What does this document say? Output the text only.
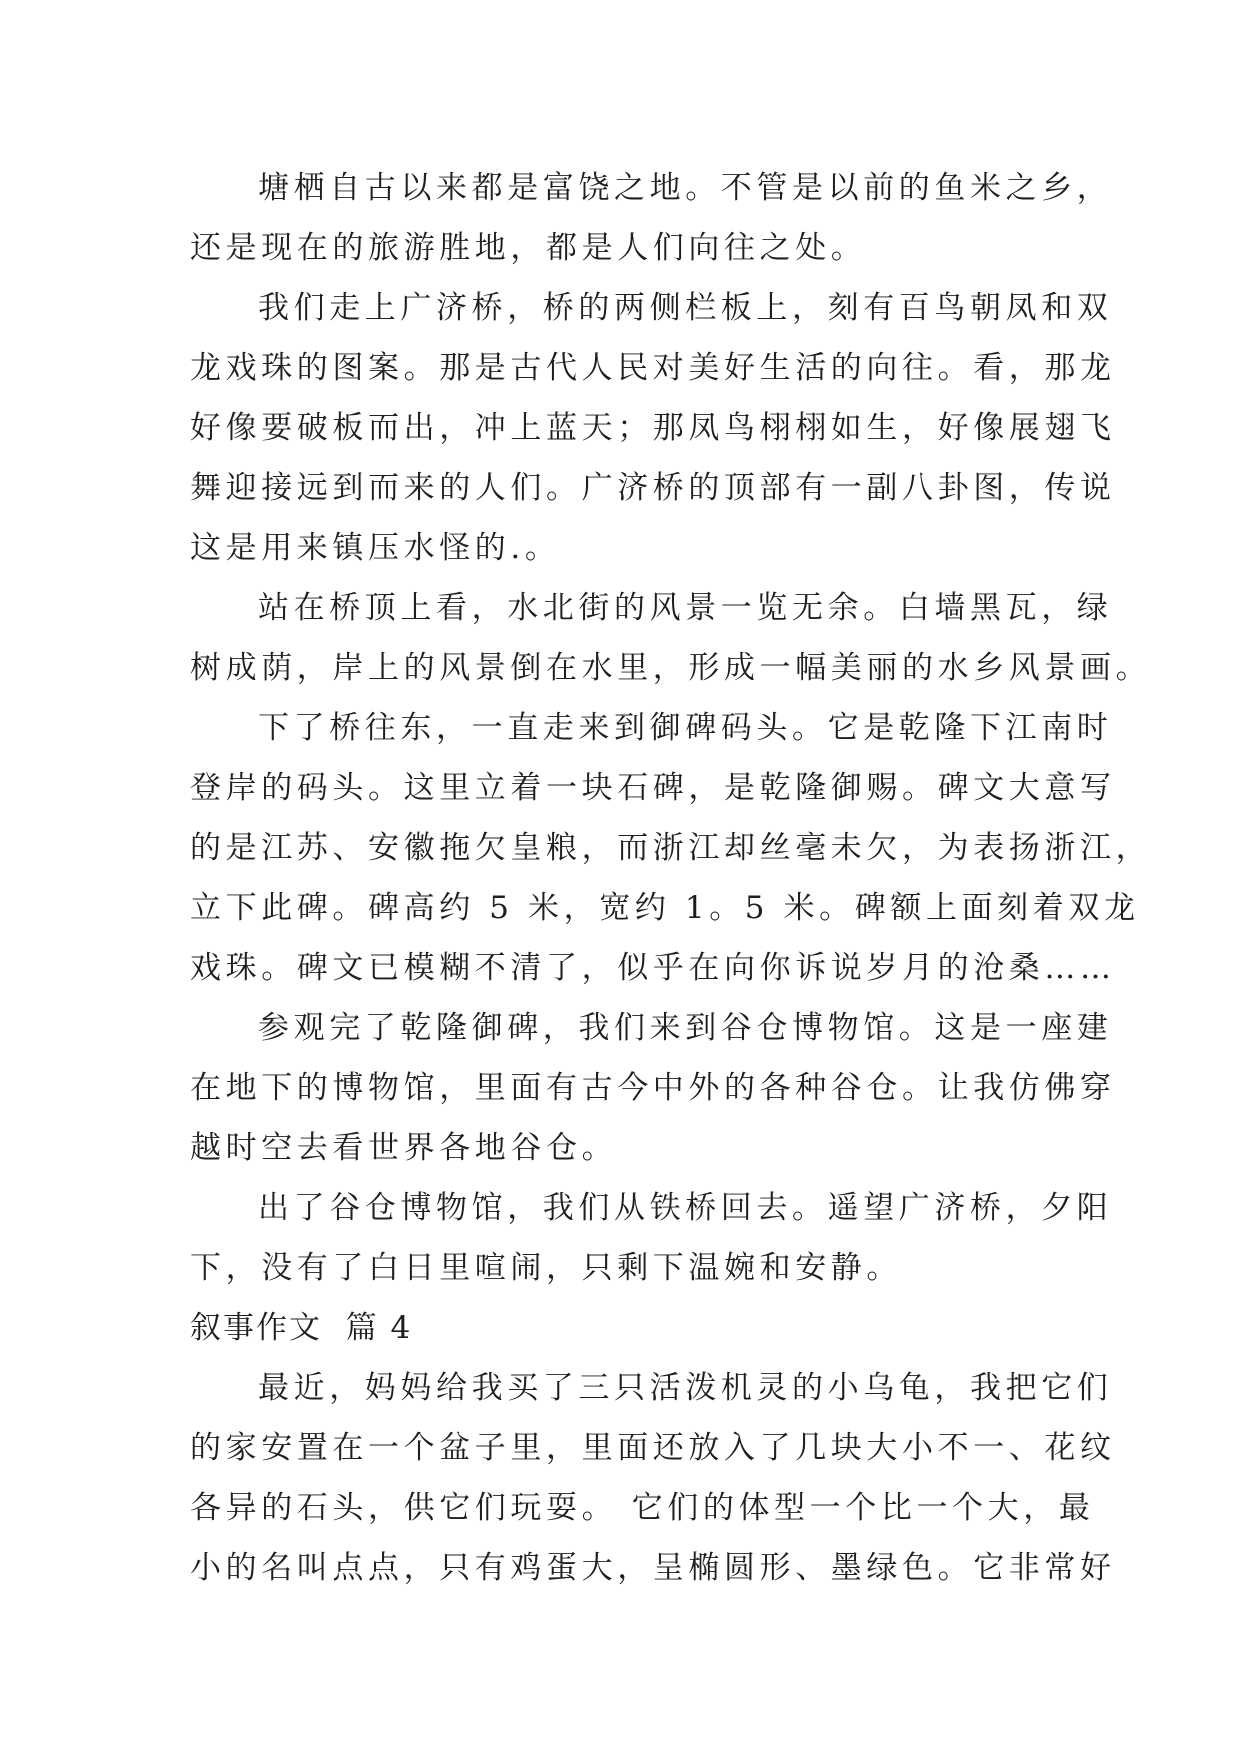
塘栖自古以来都是富饶之地。不管是以前的鱼米之乡，
还是现在的旅游胜地，都是人们向往之处。
我们走上广济桥，桥的两侧栏板上，刻有百鸟朝凤和双
龙戏珠的图案。那是古代人民对美好生活的向往。看，那龙
好像要破板而出，冲上蓝天；那凤鸟栩栩如生，好像展翅飞
舞迎接远到而来的人们。广济桥的顶部有一副八卦图，传说
这是用来镇压水怪的.。
站在桥顶上看，水北街的风景一览无余。白墙黑瓦，绿
树成荫，岸上的风景倒在水里，形成一幅美丽的水乡风景画。
下了桥往东，一直走来到御碑码头。它是乾隆下江南时
登岸的码头。这里立着一块石碑，是乾隆御赐。碑文大意写
的是江苏、安徽拖欠皇粮，而浙江却丝毫未欠，为表扬浙江，
立下此碑。碑高约 5 米，宽约 1。5 米。碑额上面刻着双龙
戏珠。碑文已模糊不清了，似乎在向你诉说岁月的沧桑……
参观完了乾隆御碑，我们来到谷仓博物馆。这是一座建
在地下的博物馆，里面有古今中外的各种谷仓。让我仿佛穿
越时空去看世界各地谷仓。
出了谷仓博物馆，我们从铁桥回去。遥望广济桥，夕阳
下，没有了白日里喧闹，只剩下温婉和安静。
叙事作文  篇 4
最近，妈妈给我买了三只活泼机灵的小乌龟，我把它们
的家安置在一个盆子里，里面还放入了几块大小不一、花纹
各异的石头，供它们玩耍。 它们的体型一个比一个大，最
小的名叫点点，只有鸡蛋大，呈椭圆形、墨绿色。它非常好
